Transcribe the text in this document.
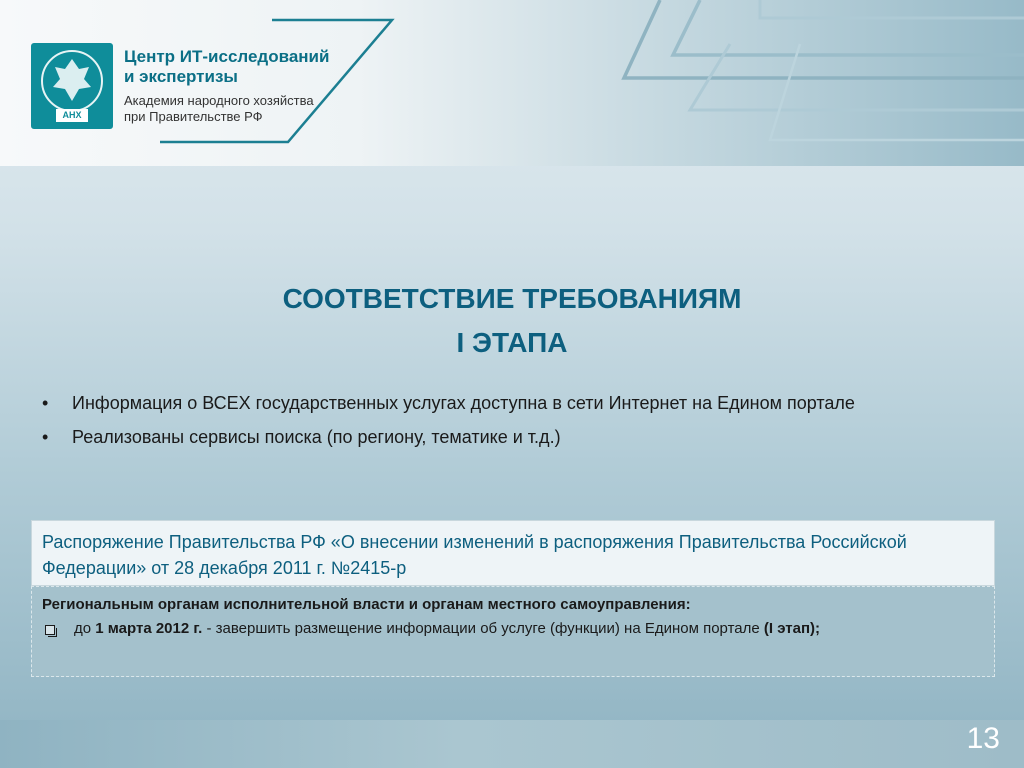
АНХ
Центр ИТ-исследований
и экспертизы
Академия народного хозяйства
при Правительстве РФ
СООТВЕТСТВИЕ ТРЕБОВАНИЯМ
I ЭТАПА
• Информация о ВСЕХ государственных услугах доступна в сети Интернет на Едином портале
• Реализованы сервисы поиска (по региону, тематике и т.д.)
Распоряжение Правительства РФ «О внесении изменений в распоряжения Правительства Российской Федерации» от 28 декабря 2011 г. №2415-р
Региональным органам исполнительной власти и органам местного самоуправления:
до 1 марта 2012 г. - завершить размещение информации об услуге (функции) на Едином портале (I этап);
13
